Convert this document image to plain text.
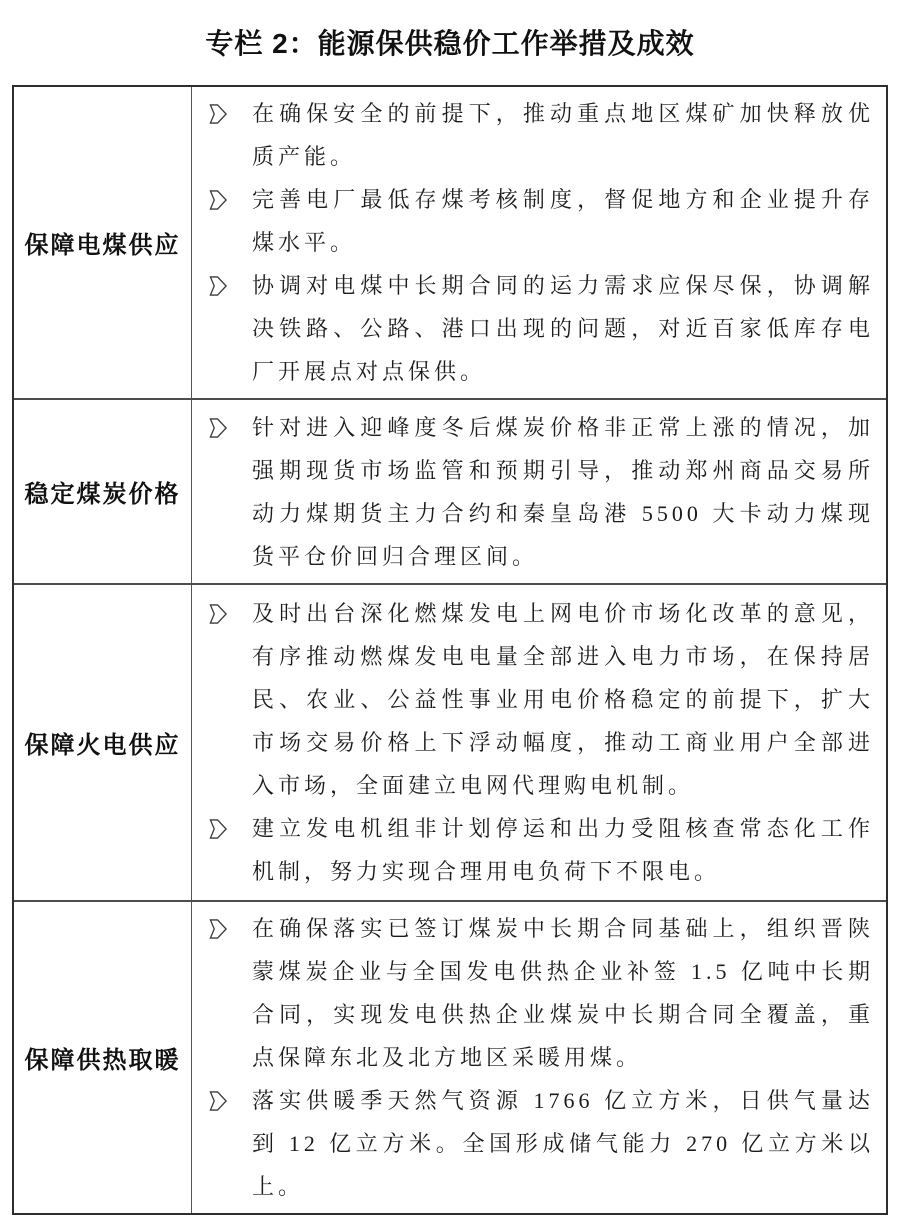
专栏 2：能源保供稳价工作举措及成效
保障电煤供应
在确保安全的前提下，推动重点地区煤矿加快释放优质产能。
完善电厂最低存煤考核制度，督促地方和企业提升存煤水平。
协调对电煤中长期合同的运力需求应保尽保，协调解决铁路、公路、港口出现的问题，对近百家低库存电厂开展点对点保供。
稳定煤炭价格
针对进入迎峰度冬后煤炭价格非正常上涨的情况，加强期现货市场监管和预期引导，推动郑州商品交易所动力煤期货主力合约和秦皇岛港 5500 大卡动力煤现货平仓价回归合理区间。
保障火电供应
及时出台深化燃煤发电上网电价市场化改革的意见，有序推动燃煤发电电量全部进入电力市场，在保持居民、农业、公益性事业用电价格稳定的前提下，扩大市场交易价格上下浮动幅度，推动工商业用户全部进入市场，全面建立电网代理购电机制。
建立发电机组非计划停运和出力受阻核查常态化工作机制，努力实现合理用电负荷下不限电。
保障供热取暖
在确保落实已签订煤炭中长期合同基础上，组织晋陕蒙煤炭企业与全国发电供热企业补签 1.5 亿吨中长期合同，实现发电供热企业煤炭中长期合同全覆盖，重点保障东北及北方地区采暖用煤。
落实供暖季天然气资源 1766 亿立方米，日供气量达到 12 亿立方米。全国形成储气能力 270 亿立方米以上。
